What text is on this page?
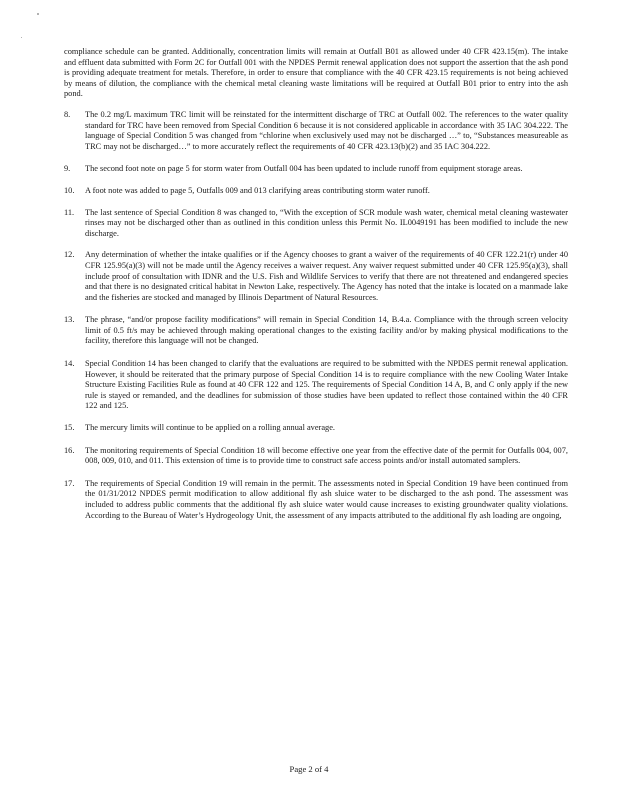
compliance schedule can be granted. Additionally, concentration limits will remain at Outfall B01 as allowed under 40 CFR 423.15(m). The intake and effluent data submitted with Form 2C for Outfall 001 with the NPDES Permit renewal application does not support the assertion that the ash pond is providing adequate treatment for metals. Therefore, in order to ensure that compliance with the 40 CFR 423.15 requirements is not being achieved by means of dilution, the compliance with the chemical metal cleaning waste limitations will be required at Outfall B01 prior to entry into the ash pond.

8. The 0.2 mg/L maximum TRC limit will be reinstated for the intermittent discharge of TRC at Outfall 002. The references to the water quality standard for TRC have been removed from Special Condition 6 because it is not considered applicable in accordance with 35 IAC 304.222. The language of Special Condition 5 was changed from “chlorine when exclusively used may not be discharged …” to, “Substances measureable as TRC may not be discharged…” to more accurately reflect the requirements of 40 CFR 423.13(b)(2) and 35 IAC 304.222.
9. The second foot note on page 5 for storm water from Outfall 004 has been updated to include runoff from equipment storage areas.
10. A foot note was added to page 5, Outfalls 009 and 013 clarifying areas contributing storm water runoff.
11. The last sentence of Special Condition 8 was changed to, “With the exception of SCR module wash water, chemical metal cleaning wastewater rinses may not be discharged other than as outlined in this condition unless this Permit No. IL0049191 has been modified to include the new discharge.
12. Any determination of whether the intake qualifies or if the Agency chooses to grant a waiver of the requirements of 40 CFR 122.21(r) under 40 CFR 125.95(a)(3) will not be made until the Agency receives a waiver request. Any waiver request submitted under 40 CFR 125.95(a)(3), shall include proof of consultation with IDNR and the U.S. Fish and Wildlife Services to verify that there are not threatened and endangered species and that there is no designated critical habitat in Newton Lake, respectively. The Agency has noted that the intake is located on a manmade lake and the fisheries are stocked and managed by Illinois Department of Natural Resources.
13. The phrase, “and/or propose facility modifications” will remain in Special Condition 14, B.4.a. Compliance with the through screen velocity limit of 0.5 ft/s may be achieved through making operational changes to the existing facility and/or by making physical modifications to the facility, therefore this language will not be changed.
14. Special Condition 14 has been changed to clarify that the evaluations are required to be submitted with the NPDES permit renewal application. However, it should be reiterated that the primary purpose of Special Condition 14 is to require compliance with the new Cooling Water Intake Structure Existing Facilities Rule as found at 40 CFR 122 and 125. The requirements of Special Condition 14 A, B, and C only apply if the new rule is stayed or remanded, and the deadlines for submission of those studies have been updated to reflect those contained within the 40 CFR 122 and 125.
15. The mercury limits will continue to be applied on a rolling annual average.
16. The monitoring requirements of Special Condition 18 will become effective one year from the effective date of the permit for Outfalls 004, 007, 008, 009, 010, and 011. This extension of time is to provide time to construct safe access points and/or install automated samplers.
17. The requirements of Special Condition 19 will remain in the permit. The assessments noted in Special Condition 19 have been continued from the 01/31/2012 NPDES permit modification to allow additional fly ash sluice water to be discharged to the ash pond. The assessment was included to address public comments that the additional fly ash sluice water would cause increases to existing groundwater quality violations. According to the Bureau of Water’s Hydrogeology Unit, the assessment of any impacts attributed to the additional fly ash loading are ongoing,
Page 2 of 4
